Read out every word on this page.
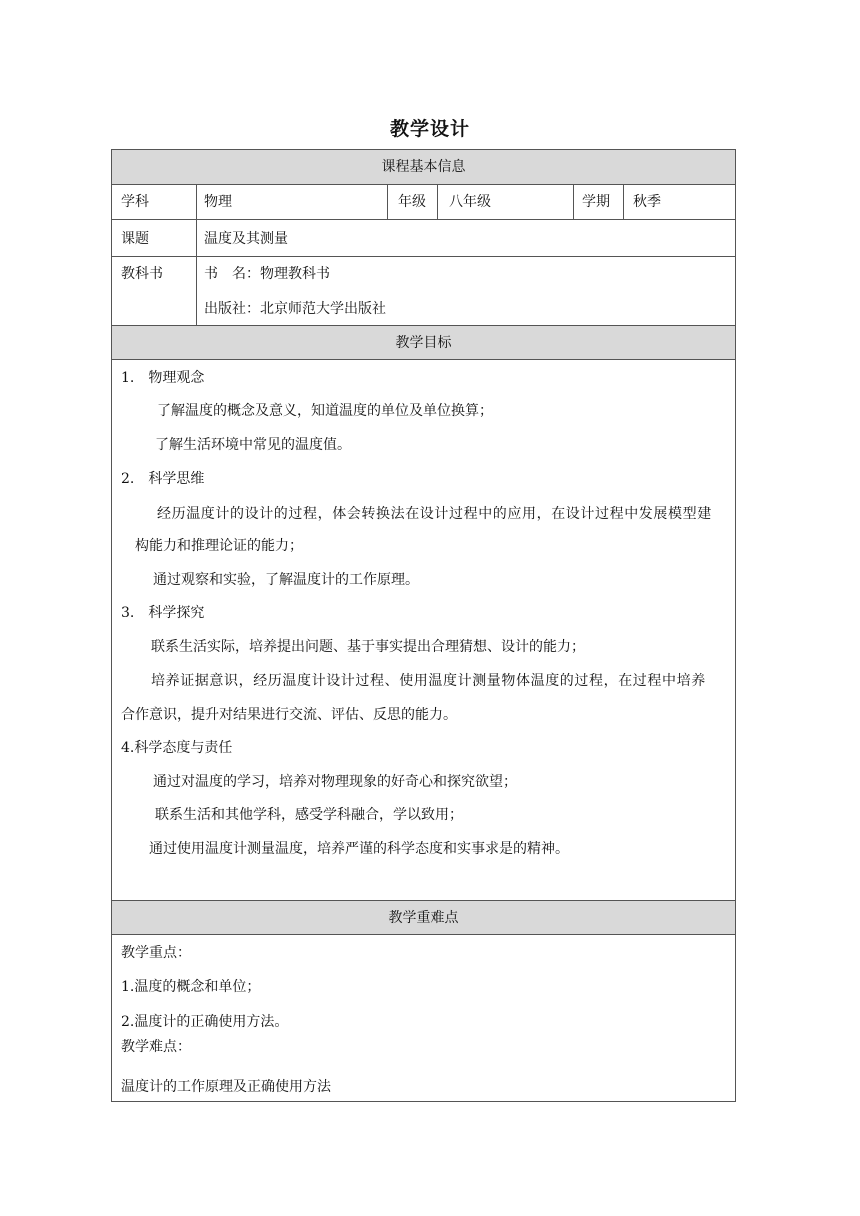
教学设计
课程基本信息
学科	物理	年级 八年级	学期 秋季
课题	温度及其测量
教科书	书　名：物理教科书
出版社：北京师范大学出版社
教学目标
1.　物理观念
了解温度的概念及意义，知道温度的单位及单位换算；
了解生活环境中常见的温度值。
2.　科学思维
经历温度计的设计的过程，体会转换法在设计过程中的应用，在设计过程中发展模型建
构能力和推理论证的能力；
通过观察和实验，了解温度计的工作原理。
3.　科学探究
联系生活实际，培养提出问题、基于事实提出合理猜想、设计的能力；
培养证据意识，经历温度计设计过程、使用温度计测量物体温度的过程，在过程中培养
合作意识，提升对结果进行交流、评估、反思的能力。
4.科学态度与责任
通过对温度的学习，培养对物理现象的好奇心和探究欲望；
联系生活和其他学科，感受学科融合，学以致用；
通过使用温度计测量温度，培养严谨的科学态度和实事求是的精神。
教学重难点
教学重点：
1.温度的概念和单位；
2.温度计的正确使用方法。
教学难点：
温度计的工作原理及正确使用方法
